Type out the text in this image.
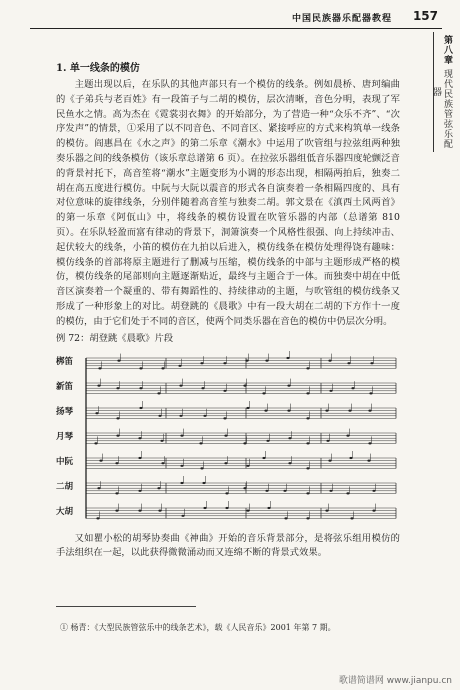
中国民族器乐配器教程 157
第八章 现代民族管弦乐配器

1. 单一线条的模仿

主题出现以后，在乐队的其他声部只有一个模仿的线条。例如晨桥、唐珂编曲的《子弟兵与老百姓》有一段笛子与二胡的模仿，层次清晰，音色分明，表现了军民鱼水之情。高为杰在《霓裳羽衣舞》的开始部分，为了营造一种“众乐不齐”、“次序发声”的情景，①采用了以不同音色、不同音区、紧接呼应的方式来构筑单一线条的模仿。阎惠昌在《水之声》的第二乐章《潮水》中运用了吹管组与拉弦组两种独奏乐器之间的线条模仿（该乐章总谱第 6 页）。在拉弦乐器组低音乐器四度轮颤泛音的背景衬托下，高音笙将“潮水”主题变形为小调的形态出现，相隔两拍后，独奏二胡在高五度进行模仿。中阮与大阮以震音的形式各自演奏着一条相隔四度的、具有对位意味的旋律线条，分别伴随着高音笙与独奏二胡。郭文景在《滇西土风两首》的第一乐章《阿佤山》中，将线条的模仿设置在吹管乐器的内部（总谱第 810 页）。在乐队轻盈而富有律动的背景下，洞箫演奏一个风格性很强、向上持续冲击、起伏较大的线条，小笛的模仿在九拍以后进入，模仿线条在模仿处理得饶有趣味：模仿线条的首部将原主题进行了删减与压缩，模仿线条的中部与主题形成严格的模仿，模仿线条的尾部则向主题逐渐贴近，最终与主题合于一体。而独奏中胡在中低音区演奏着一个凝重的、带有舞蹈性的、持续律动的主题，与吹管组的模仿线条又形成了一种形象上的对比。胡登跳的《晨歌》中有一段大胡在二胡的下方作十一度的模仿，由于它们处于不同的音区，使两个同类乐器在音色的模仿中仍层次分明。

例 72：胡登跳《晨歌》片段

梆笛
新笛
扬琴
月琴
中阮
二胡
大胡

又如瞿小松的胡琴协奏曲《神曲》开始的音乐背景部分，是将弦乐组用模仿的手法组织在一起，以此获得微微涌动而又连绵不断的背景式效果。

① 杨青：《大型民族管弦乐中的线条艺术》，载《人民音乐》2001 年第 7 期。

歌谱简谱网 www.jianpu.cn
